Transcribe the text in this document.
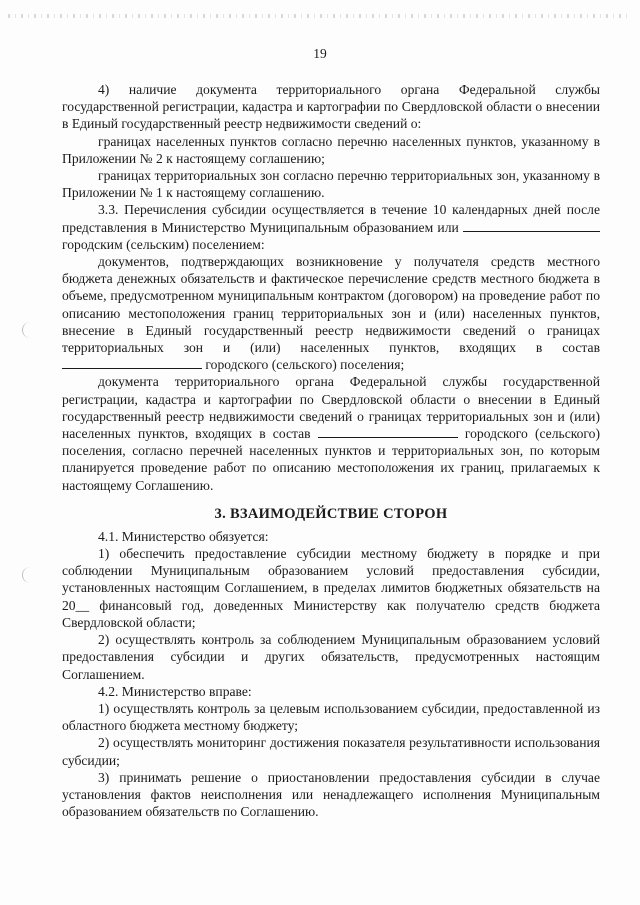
19

4) наличие документа территориального органа Федеральной службы государственной регистрации, кадастра и картографии по Свердловской области о внесении в Единый государственный реестр недвижимости сведений о:

границах населенных пунктов согласно перечню населенных пунктов, указанному в Приложении № 2 к настоящему соглашению;

границах территориальных зон согласно перечню территориальных зон, указанному в Приложении № 1 к настоящему соглашению.

3.3. Перечисления субсидии осуществляется в течение 10 календарных дней после представления в Министерство Муниципальным образованием или  городским (сельским) поселением:

документов, подтверждающих возникновение у получателя средств местного бюджета денежных обязательств и фактическое перечисление средств местного бюджета в объеме, предусмотренном муниципальным контрактом (договором) на проведение работ по описанию местоположения границ территориальных зон и (или) населенных пунктов, внесение в Единый государственный реестр недвижимости сведений о границах территориальных зон и (или) населенных пунктов, входящих в состав  городского (сельского) поселения;

документа территориального органа Федеральной службы государственной регистрации, кадастра и картографии по Свердловской области о внесении в Единый государственный реестр недвижимости сведений о границах территориальных зон и (или) населенных пунктов, входящих в состав	городского (сельского) поселения, согласно перечней населенных пунктов и территориальных зон, по которым планируется проведение работ по описанию местоположения их границ, прилагаемых к настоящему Соглашению.

3. ВЗАИМОДЕЙСТВИЕ СТОРОН

4.1. Министерство обязуется:

1) обеспечить предоставление субсидии местному бюджету в порядке и при соблюдении Муниципальным образованием условий предоставления субсидии, установленных настоящим Соглашением, в пределах лимитов бюджетных обязательств на 20__ финансовый год, доведенных Министерству как получателю средств бюджета Свердловской области;

2) осуществлять контроль за соблюдением Муниципальным образованием условий предоставления субсидии и других обязательств, предусмотренных настоящим Соглашением.

4.2. Министерство вправе:

1) осуществлять контроль за целевым использованием субсидии, предоставленной из областного бюджета местному бюджету;

2) осуществлять мониторинг достижения показателя результативности использования субсидии;

3) принимать решение о приостановлении предоставления субсидии в случае установления фактов неисполнения или ненадлежащего исполнения Муниципальным образованием обязательств по Соглашению.
